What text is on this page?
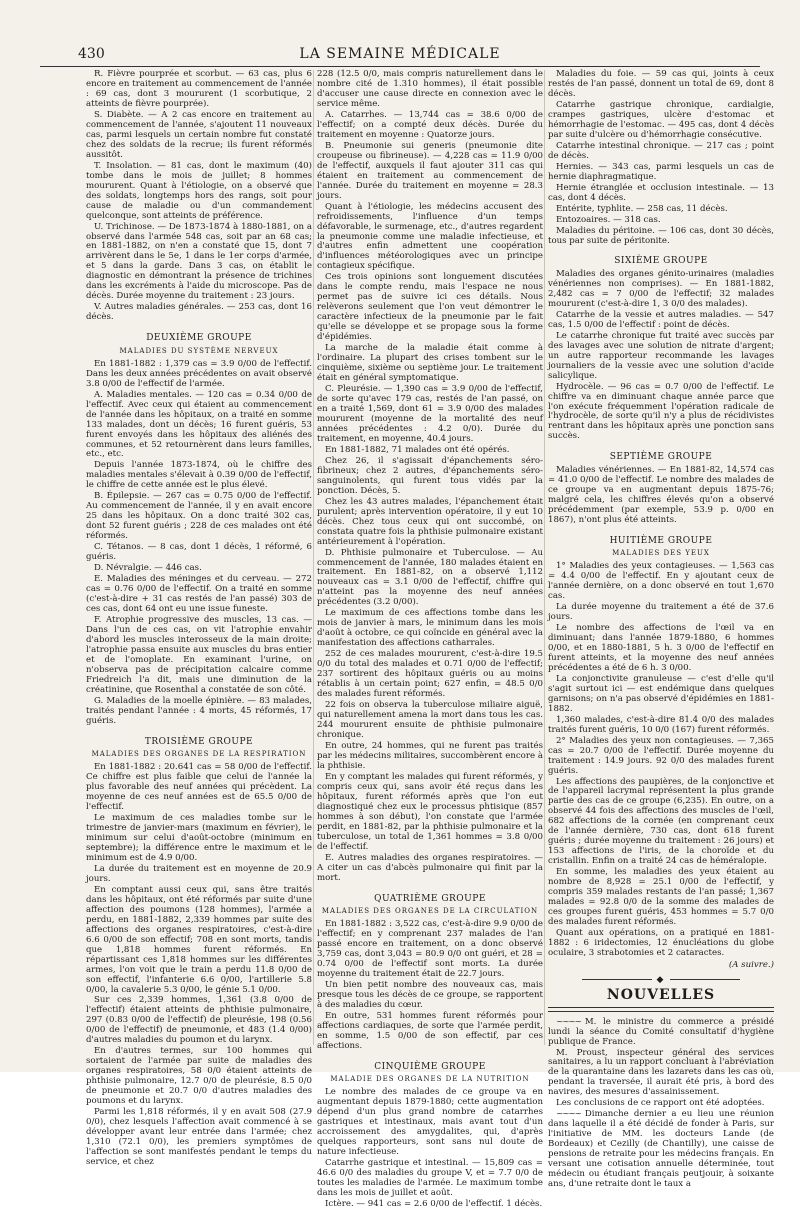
430	LA SEMAINE MÉDICALE

R. Fièvre pourprée et scorbut. — 63 cas, plus 6 encore en traitement au commencement de l'année : 69 cas, dont 3 moururent (1 scorbutique, 2 atteints de fièvre pourprée).

S. Diabète. — A 2 cas encore en traitement au commencement de l'année, s'ajoutent 11 nouveaux cas, parmi lesquels un certain nombre fut constaté chez des soldats de la recrue; ils furent réformés aussitôt.

T. Insolation. — 81 cas, dont le maximum (40) tombe dans le mois de juillet; 8 hommes moururent. Quant à l'étiologie, on a observé que des soldats, longtemps hors des rangs, soit pour cause de maladie ou d'un commandement quelconque, sont atteints de préférence.

U. Trichinose. — De 1873-1874 à 1880-1881, on a observé dans l'armée 548 cas, soit par an 68 cas; en 1881-1882, on n'en a constaté que 15, dont 7 arrivèrent dans le 5e, 1 dans le 1er corps d'armée, et 5 dans la garde. Dans 3 cas, on établit le diagnostic en démontrant la présence de trichines dans les excréments à l'aide du microscope. Pas de décès. Durée moyenne du traitement : 23 jours.

V. Autres maladies générales. — 253 cas, dont 16 décès.

DEUXIÈME GROUPE
MALADIES DU SYSTÈME NERVEUX

En 1881-1882 : 1,379 cas = 3.9 0/00 de l'effectif. Dans les deux années précédentes on avait observé 3.8 0/00 de l'effectif de l'armée.

A. Maladies mentales. — 120 cas = 0.34 0/00 de l'effectif. Avec ceux qui étaient au commencement de l'année dans les hôpitaux, on a traité en somme 133 malades, dont un décès; 16 furent guéris, 53 furent envoyés dans les hôpitaux des aliénés des communes, et 52 retournèrent dans leurs familles, etc., etc.

Depuis l'année 1873-1874, où le chiffre des maladies mentales s'élevait à 0.39 0/00 de l'effectif, le chiffre de cette année est le plus élevé.

B. Épilepsie. — 267 cas = 0.75 0/00 de l'effectif. Au commencement de l'année, il y en avait encore 25 dans les hôpitaux. On a donc traité 302 cas, dont 52 furent guéris ; 228 de ces malades ont été réformés.

C. Tétanos. — 8 cas, dont 1 décès, 1 réformé, 6 guéris.

D. Névralgie. — 446 cas.

E. Maladies des méninges et du cerveau. — 272 cas = 0.76 0/00 de l'effectif. On a traité en somme (c'est-à-dire + 31 cas restés de l'an passé) 303 de ces cas, dont 64 ont eu une issue funeste.

F. Atrophie progressive des muscles, 13 cas. — Dans l'un de ces cas, on vit l'atrophie envahir d'abord les muscles interosseux de la main droite; l'atrophie passa ensuite aux muscles du bras entier et de l'omoplate. En examinant l'urine, on n'observa pas de précipitation calcaire comme Friedreich l'a dit, mais une diminution de la créatinine, que Rosenthal a constatée de son côté.

G. Maladies de la moelle épinière. — 83 malades, traités pendant l'année : 4 morts, 45 réformés, 17 guéris.

TROISIÈME GROUPE
MALADIES DES ORGANES DE LA RESPIRATION

En 1881-1882 : 20.641 cas = 58 0/00 de l'effectif. Ce chiffre est plus faible que celui de l'année la plus favorable des neuf années qui précèdent. La moyenne de ces neuf années est de 65.5 0/00 de l'effectif.

Le maximum de ces maladies tombe sur le trimestre de janvier-mars (maximum en février), le minimum sur celui d'août-octobre (minimum en septembre); la différence entre le maximum et le minimum est de 4.9 0/00.

La durée du traitement est en moyenne de 20.9 jours.

En comptant aussi ceux qui, sans être traités dans les hôpitaux, ont été réformés par suite d'une affection des poumons (128 hommes), l'armée a perdu, en 1881-1882, 2,339 hommes par suite des affections des organes respiratoires, c'est-à-dire 6.6 0/00 de son effectif; 708 en sont morts, tandis que 1,818 hommes furent réformés. En répartissant ces 1,818 hommes sur les différentes armes, l'on voit que le train a perdu 11.8 0/00 de son effectif, l'infanterie 6.6 0/00, l'artillerie 5.8 0/00, la cavalerie 5.3 0/00, le génie 5.1 0/00.

Sur ces 2,339 hommes, 1,361 (3.8 0/00 de l'effectif) étaient atteints de phthisie pulmonaire, 297 (0.83 0/00 de l'effectif) de pleurésie, 198 (0.56 0/00 de l'effectif) de pneumonie, et 483 (1.4 0/00) d'autres maladies du poumon et du larynx.

En d'autres termes, sur 100 hommes qui sortaient de l'armée par suite de maladies des organes respiratoires, 58 0/0 étaient atteints de phthisie pulmonaire, 12.7 0/0 de pleurésie, 8.5 0/0 de pneumonie et 20.7 0/0 d'autres maladies des poumons et du larynx.

Parmi les 1,818 réformés, il y en avait 508 (27.9 0/0), chez lesquels l'affection avait commencé à se développer avant leur entrée dans l'armée; chez 1,310 (72.1 0/0), les premiers symptômes de l'affection se sont manifestés pendant le temps du service, et chez

228 (12.5 0/0, mais compris naturellement dans le nombre cité de 1.310 hommes), il était possible d'accuser une cause directe en connexion avec le service même.

A. Catarrhes. — 13,744 cas = 38.6 0/00 de l'effectif; on a compté deux décès. Durée du traitement en moyenne : Quatorze jours.

B. Pneumonie sui generis (pneumonie dite croupeuse ou fibrineuse). — 4,228 cas = 11.9 0/00 de l'effectif, auxquels il faut ajouter 311 cas qui étaient en traitement au commencement de l'année. Durée du traitement en moyenne = 28.3 jours.

Quant à l'étiologie, les médecins accusent des refroidissements, l'influence d'un temps défavorable, le surmenage, etc., d'autres regardent la pneumonie comme une maladie infectieuse, et d'autres enfin admettent une coopération d'influences météorologiques avec un principe contagieux spécifique.

Ces trois opinions sont longuement discutées dans le compte rendu, mais l'espace ne nous permet pas de suivre ici ces détails. Nous relèverons seulement que l'on veut démontrer le caractère infectieux de la pneumonie par le fait qu'elle se développe et se propage sous la forme d'épidémies.

La marche de la maladie était comme à l'ordinaire. La plupart des crises tombent sur le cinquième, sixième ou septième jour. Le traitement était en général symptomatique.

C. Pleurésie. — 1,390 cas = 3.9 0/00 de l'effectif, de sorte qu'avec 179 cas, restés de l'an passé, on en a traité 1,569, dont 61 = 3.9 0/00 des malades moururent (moyenne de la mortalité des neuf années précédentes : 4.2 0/0). Durée du traitement, en moyenne, 40.4 jours.

En 1881-1882, 71 malades ont été opérés.

Chez 26, il s'agissait d'épanchements séro-fibrineux; chez 2 autres, d'épanchements séro-sanguinolents, qui furent tous vidés par la ponction. Décès, 5.

Chez les 43 autres malades, l'épanchement était purulent; après intervention opératoire, il y eut 10 décès. Chez tous ceux qui ont succombé, on constata quatre fois la phthisie pulmonaire existant antérieurement à l'opération.

D. Phthisie pulmonaire et Tuberculose. — Au commencement de l'année, 180 malades étaient en traitement. En 1881-82, on a observé 1,112 nouveaux cas = 3.1 0/00 de l'effectif, chiffre qui n'atteint pas la moyenne des neuf années précédentes (3.2 0/00).

Le maximum de ces affections tombe dans les mois de janvier à mars, le minimum dans les mois d'août à octobre, ce qui coïncide en général avec la manifestation des affections catharrales.

252 de ces malades moururent, c'est-à-dire 19.5 0/0 du total des malades et 0.71 0/00 de l'effectif; 237 sortirent des hôpitaux guéris ou au moins rétablis à un certain point; 627 enfin, = 48.5 0/0 des malades furent réformés.

22 fois on observa la tuberculose miliaire aiguë, qui naturellement amena la mort dans tous les cas. 244 moururent ensuite de phthisie pulmonaire chronique.

En outre, 24 hommes, qui ne furent pas traités par les médecins militaires, succombèrent encore à la phthisie.

En y comptant les malades qui furent réformés, y compris ceux qui, sans avoir été reçus dans les hôpitaux, furent réformés après que l'on eut diagnostiqué chez eux le processus phtisique (857 hommes à son début), l'on constate que l'armée perdit, en 1881-82, par la phthisie pulmonaire et la tuberculose, un total de 1,361 hommes = 3.8 0/00 de l'effectif.

E. Autres maladies des organes respiratoires. — A citer un cas d'abcès pulmonaire qui finit par la mort.

QUATRIÈME GROUPE
MALADIES DES ORGANES DE LA CIRCULATION

En 1881-1882 : 3,522 cas, c'est-à-dire 9.9 0/00 de l'effectif; en y comprenant 237 malades de l'an passé encore en traitement, on a donc observé 3,759 cas, dont 3,043 = 80.9 0/0 ont guéri, et 28 = 0.74 0/00 de l'effectif sont morts. La durée moyenne du traitement était de 22.7 jours.

Un bien petit nombre des nouveaux cas, mais presque tous les décès de ce groupe, se rapportent à des maladies du cœur.

En outre, 531 hommes furent réformés pour affections cardiaques, de sorte que l'armée perdit, en somme, 1.5 0/00 de son effectif, par ces affections.

CINQUIÈME GROUPE
MALADIE DES ORGANES DE LA NUTRITION

Le nombre des malades de ce groupe va en augmentant depuis 1879-1880; cette augmentation dépend d'un plus grand nombre de catarrhes gastriques et intestinaux, mais avant tout d'un accroissement des amygdalites, qui, d'après quelques rapporteurs, sont sans nul doute de nature infectieuse.

Catarrhe gastrique et intestinal. — 15,809 cas = 46.6 0/0 des maladies du groupe V, et = 7.7 0/0 de toutes les maladies de l'armée. Le maximum tombe dans les mois de juillet et août.

Ictère. — 941 cas = 2.6 0/00 de l'effectif. 1 décès.

Maladies du foie. — 59 cas qui, joints à ceux restés de l'an passé, donnent un total de 69, dont 8 décès.

Catarrhe gastrique chronique, cardialgie, crampes gastriques, ulcère d'estomac et hémorrhagie de l'estomac. — 495 cas, dont 4 décès par suite d'ulcère ou d'hémorrhagie consécutive.

Catarrhe intestinal chronique. — 217 cas ; point de décès.

Hernies. — 343 cas, parmi lesquels un cas de hernie diaphragmatique.

Hernie étranglée et occlusion intestinale. — 13 cas, dont 4 décès.

Entérite, typhlite. — 258 cas, 11 décès.

Entozoaires. — 318 cas.

Maladies du péritoine. — 106 cas, dont 30 décès, tous par suite de péritonite.

SIXIÈME GROUPE

Maladies des organes génito-urinaires (maladies vénériennes non comprises). — En 1881-1882, 2,482 cas = 7 0/00 de l'effectif; 32 malades moururent (c'est-à-dire 1, 3 0/0 des malades).

Catarrhe de la vessie et autres maladies. — 547 cas, 1.5 0/00 de l'effectif : point de décès.

Le catarrhe chronique fut traité avec succès par des lavages avec une solution de nitrate d'argent; un autre rapporteur recommande les lavages journaliers de la vessie avec une solution d'acide salicylique.

Hydrocèle. — 96 cas = 0.7 0/00 de l'effectif. Le chiffre va en diminuant chaque année parce que l'on exécute fréquemment l'opération radicale de l'hydrocèle, de sorte qu'il n'y a plus de récidivistes rentrant dans les hôpitaux après une ponction sans succès.

SEPTIÈME GROUPE

Maladies vénériennes. — En 1881-82, 14,574 cas = 41.0 0/00 de l'effectif. Le nombre des malades de ce groupe va en augmentant depuis 1875-76; malgré cela, les chiffres élevés qu'on a observé précédemment (par exemple, 53.9 p. 0/00 en 1867), n'ont plus été atteints.

HUITIÈME GROUPE
MALADIES DES YEUX

1° Maladies des yeux contagieuses. — 1,563 cas = 4.4 0/00 de l'effectif. En y ajoutant ceux de l'année dernière, on a donc observé en tout 1,670 cas.

La durée moyenne du traitement a été de 37.6 jours.

Le nombre des affections de l'œil va en diminuant; dans l'année 1879-1880, 6 hommes 0/00, et en 1880-1881, 5 h. 3 0/00 de l'effectif en furent atteints, et la moyenne des neuf années précédentes a été de 6 h. 3 0/00.

La conjonctivite granuleuse — c'est d'elle qu'il s'agit surtout ici — est endémique dans quelques garnisons; on n'a pas observé d'épidémies en 1881-1882.

1,360 malades, c'est-à-dire 81.4 0/0 des malades traités furent guéris, 10 0/0 (167) furent réformés.

2° Maladies des yeux non contagieuses. — 7,365 cas = 20.7 0/00 de l'effectif. Durée moyenne du traitement : 14.9 jours. 92 0/0 des malades furent guéris.

Les affections des paupières, de la conjonctive et de l'appareil lacrymal représentent la plus grande partie des cas de ce groupe (6,235). En outre, on a observé 44 fois des affections des muscles de l'œil, 682 affections de la cornée (en comprenant ceux de l'année dernière, 730 cas, dont 618 furent guéris ; durée moyenne du traitement : 26 jours) et 153 affections de l'iris, de la choroïde et du cristallin. Enfin on a traité 24 cas de héméralopie.

En somme, les maladies des yeux étaient au nombre de 8,928 = 25.1 0/00 de l'effectif, y compris 359 malades restants de l'an passé; 1,367 malades = 92.8 0/0 de la somme des malades de ces groupes furent guéris, 453 hommes = 5.7 0/0 des malades furent réformés.

Quant aux opérations, on a pratiqué en 1881-1882 : 6 iridectomies, 12 énucléations du globe oculaire, 3 strabotomies et 2 cataractes.

(A suivre.)
◆
NOUVELLES

~~~~ M. le ministre du commerce a présidé lundi la séance du Comité consultatif d'hygiène publique de France.

M. Proust, inspecteur général des services sanitaires, a lu un rapport concluant à l'abréviation de la quarantaine dans les lazarets dans les cas où, pendant la traversée, il aurait été pris, à bord des navires, des mesures d'assainissement.

Les conclusions de ce rapport ont été adoptées.

~~~~ Dimanche dernier a eu lieu une réunion dans laquelle il a été décidé de fonder à Paris, sur l'initiative de MM. les docteurs Lande (de Bordeaux) et Cezilly (de Chantilly), une caisse de pensions de retraite pour les médecins français. En versant une cotisation annuelle déterminée, tout médecin ou étudiant français peutjouir, à soixante ans, d'une retraite dont le taux a
